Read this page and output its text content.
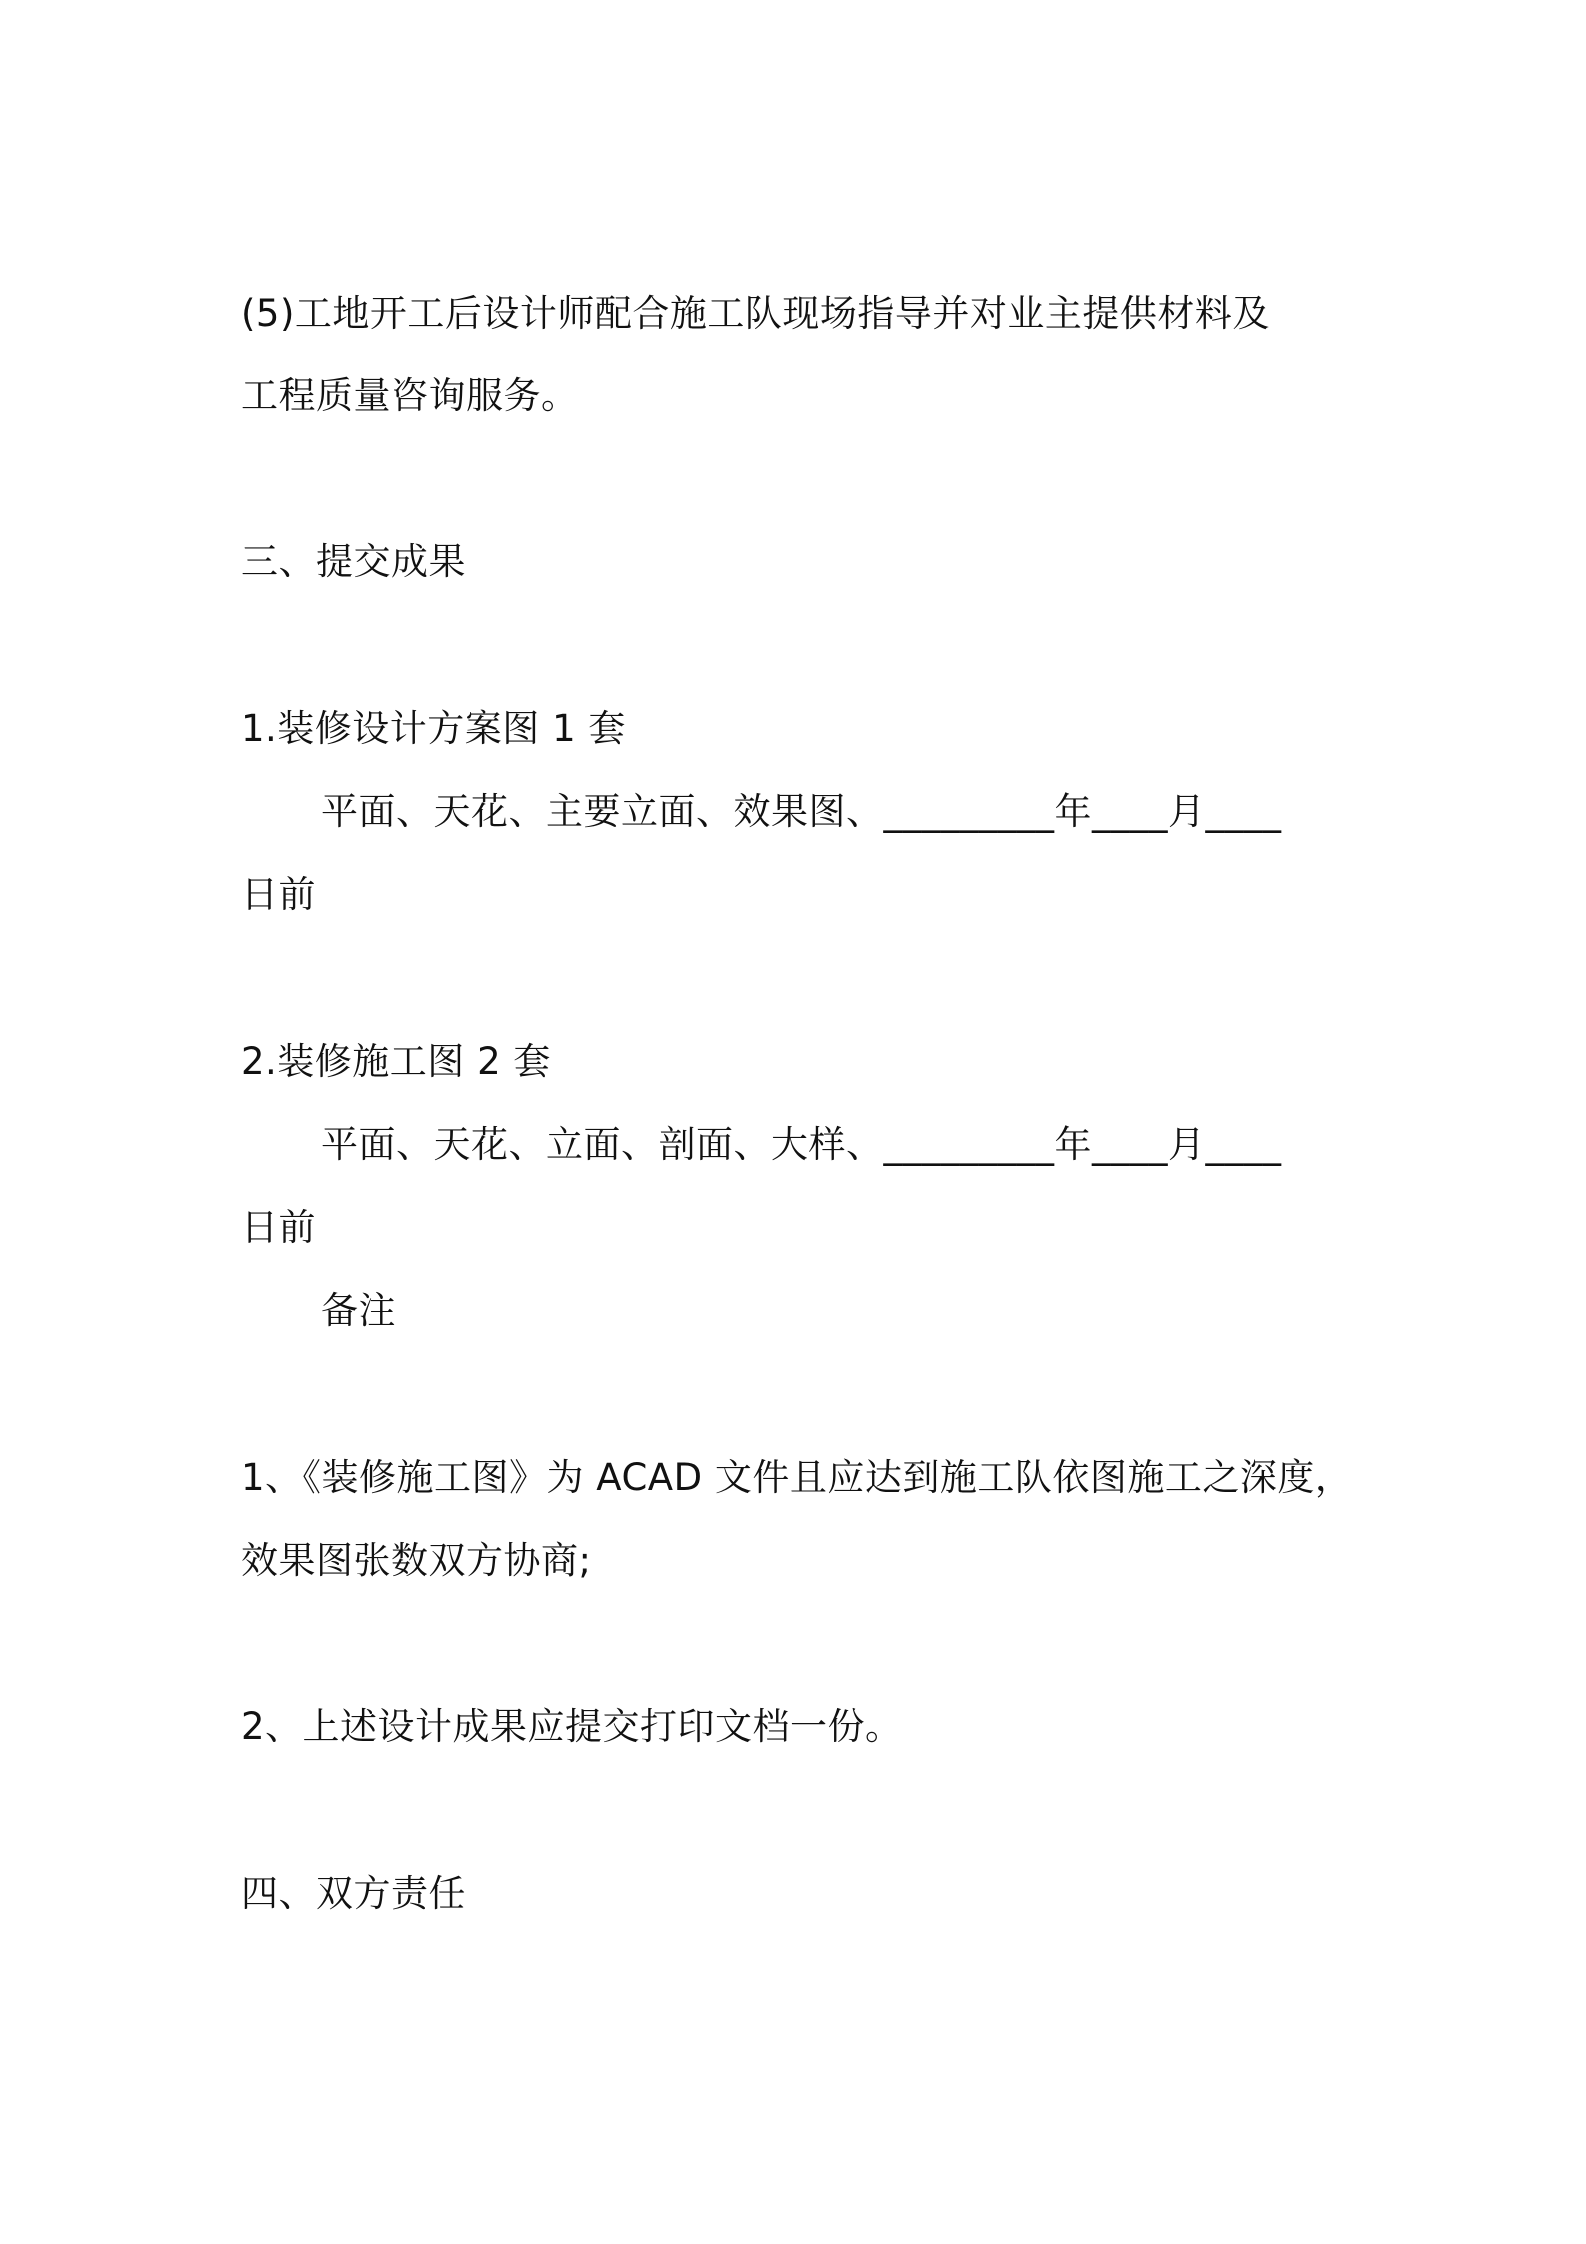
(5)工地开工后设计师配合施工队现场指导并对业主提供材料及
工程质量咨询服务。
三、提交成果
1.装修设计方案图 1 套
平面、天花、主要立面、效果图、_________年____月____
日前
2.装修施工图 2 套
平面、天花、立面、剖面、大样、_________年____月____
日前
备注
1、《装修施工图》为 ACAD 文件且应达到施工队依图施工之深度，
效果图张数双方协商;
2、上述设计成果应提交打印文档一份。
四、双方责任
